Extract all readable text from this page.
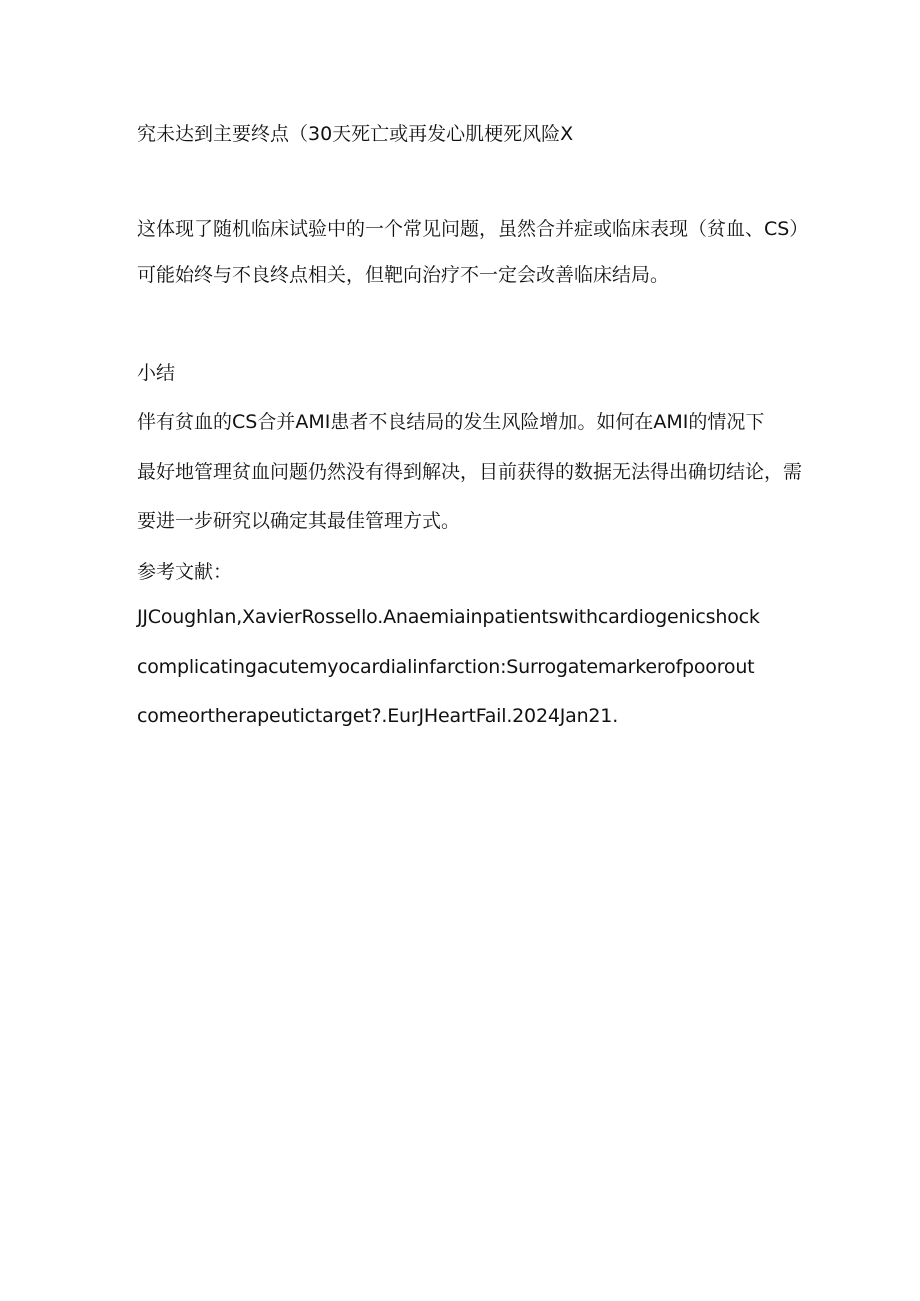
究未达到主要终点（30天死亡或再发心肌梗死风险X
这体现了随机临床试验中的一个常见问题，虽然合并症或临床表现（贫血、CS）
可能始终与不良终点相关，但靶向治疗不一定会改善临床结局。
小结
伴有贫血的CS合并AMI患者不良结局的发生风险增加。如何在AMI的情况下
最好地管理贫血问题仍然没有得到解决，目前获得的数据无法得出确切结论，需
要进一步研究以确定其最佳管理方式。
参考文献：
JJCoughlan,XavierRossello.Anaemiainpatientswithcardiogenicshock
complicatingacutemyocardialinfarction:Surrogatemarkerofpoorout
comeortherapeutictarget?.EurJHeartFail.2024Jan21.
